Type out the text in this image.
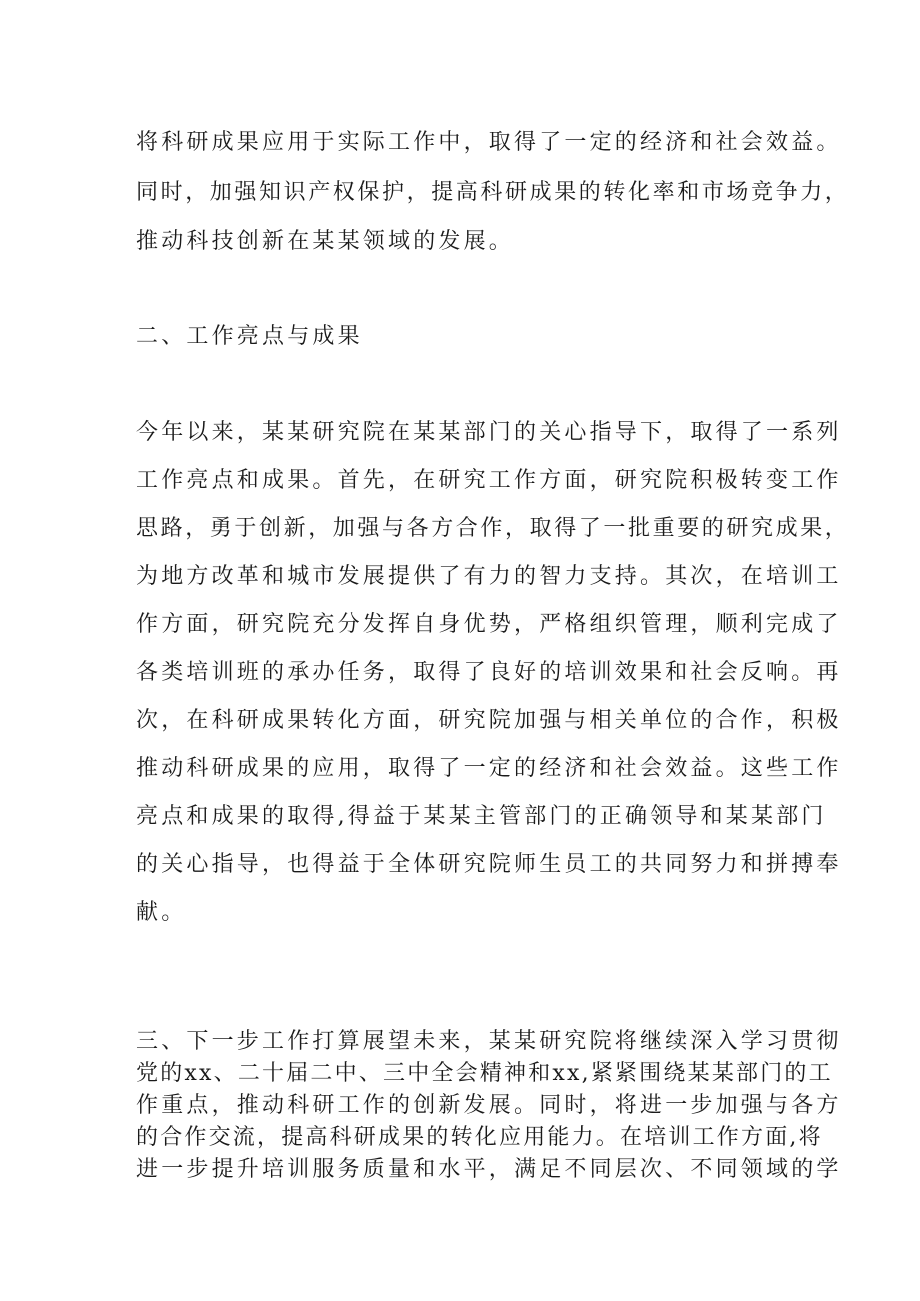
将科研成果应用于实际工作中，取得了一定的经济和社会效益。
同时，加强知识产权保护，提高科研成果的转化率和市场竞争力，
推动科技创新在某某领域的发展。
二、工作亮点与成果
今年以来，某某研究院在某某部门的关心指导下，取得了一系列
工作亮点和成果。首先，在研究工作方面，研究院积极转变工作
思路，勇于创新，加强与各方合作，取得了一批重要的研究成果，
为地方改革和城市发展提供了有力的智力支持。其次，在培训工
作方面，研究院充分发挥自身优势，严格组织管理，顺利完成了
各类培训班的承办任务，取得了良好的培训效果和社会反响。再
次，在科研成果转化方面，研究院加强与相关单位的合作，积极
推动科研成果的应用，取得了一定的经济和社会效益。这些工作
亮点和成果的取得,得益于某某主管部门的正确领导和某某部门
的关心指导，也得益于全体研究院师生员工的共同努力和拼搏奉
献。
三、下一步工作打算展望未来，某某研究院将继续深入学习贯彻
党的xx、二十届二中、三中全会精神和xx,紧紧围绕某某部门的工
作重点，推动科研工作的创新发展。同时，将进一步加强与各方
的合作交流，提高科研成果的转化应用能力。在培训工作方面,将
进一步提升培训服务质量和水平，满足不同层次、不同领域的学
